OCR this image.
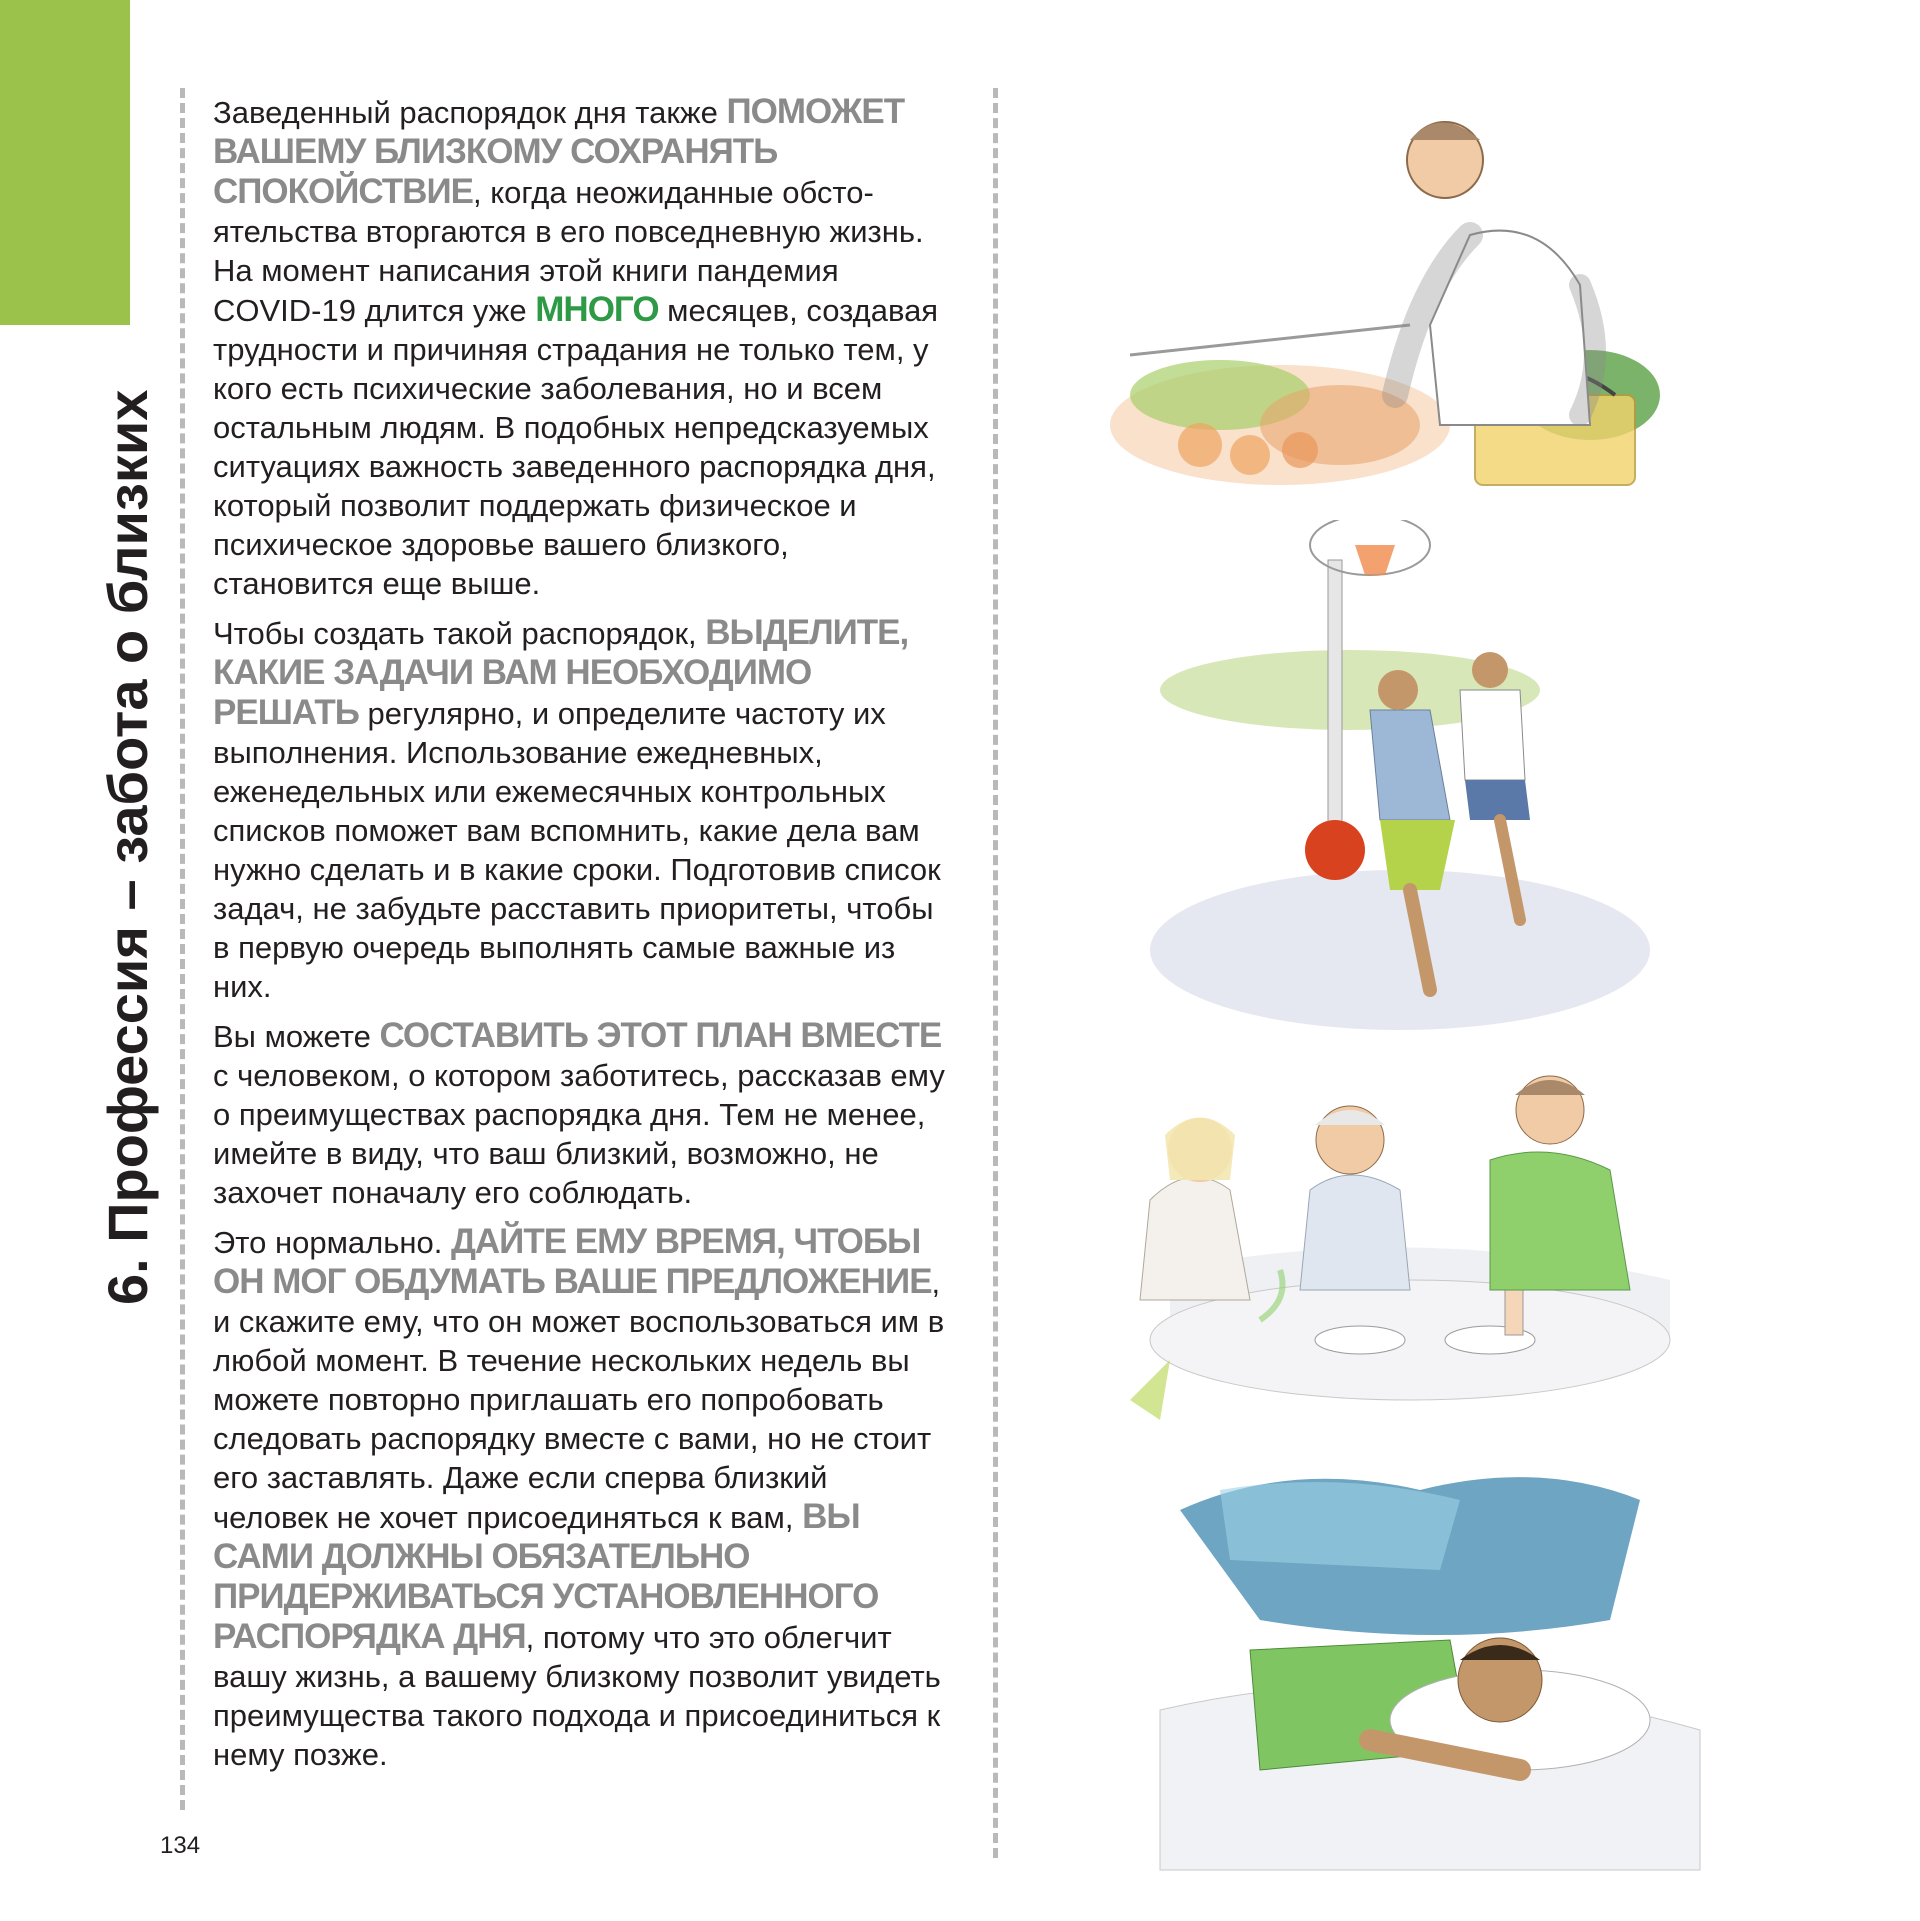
6. Профессия – забота о близких

Заведенный распорядок дня также ПОМОЖЕТ ВАШЕМУ БЛИЗКОМУ СОХРАНЯТЬ СПОКОЙСТВИЕ, когда неожиданные обстоятельства вторгаются в его повседневную жизнь. На момент написания этой книги пандемия COVID-19 длится уже МНОГО месяцев, создавая трудности и причиняя страдания не только тем, у кого есть психические заболевания, но и всем остальным людям. В подобных непредсказуемых ситуациях важность заведенного распорядка дня, который позволит поддержать физическое и психическое здоровье вашего близкого, становится еще выше.

Чтобы создать такой распорядок, ВЫДЕЛИТЕ, КАКИЕ ЗАДАЧИ ВАМ НЕОБХОДИМО РЕШАТЬ регулярно, и определите частоту их выполнения. Использование ежедневных, еженедельных или ежемесячных контрольных списков поможет вам вспомнить, какие дела вам нужно сделать и в какие сроки. Подготовив список задач, не забудьте расставить приоритеты, чтобы в первую очередь выполнять самые важные из них.

Вы можете СОСТАВИТЬ ЭТОТ ПЛАН ВМЕСТЕ с человеком, о котором заботитесь, рассказав ему о преимуществах распорядка дня. Тем не менее, имейте в виду, что ваш близкий, возможно, не захочет поначалу его соблюдать.

Это нормально. ДАЙТЕ ЕМУ ВРЕМЯ, ЧТОБЫ ОН МОГ ОБДУМАТЬ ВАШЕ ПРЕДЛОЖЕНИЕ, и скажите ему, что он может воспользоваться им в любой момент. В течение нескольких недель вы можете повторно приглашать его попробовать следовать распорядку вместе с вами, но не стоит его заставлять. Даже если сперва близкий человек не хочет присоединяться к вам, ВЫ САМИ ДОЛЖНЫ ОБЯЗАТЕЛЬНО ПРИДЕРЖИВАТЬСЯ УСТАНОВЛЕННОГО РАСПОРЯДКА ДНЯ, потому что это облегчит вашу жизнь, а вашему близкому позволит увидеть преимущества такого подхода и присоединиться к нему позже.

134
